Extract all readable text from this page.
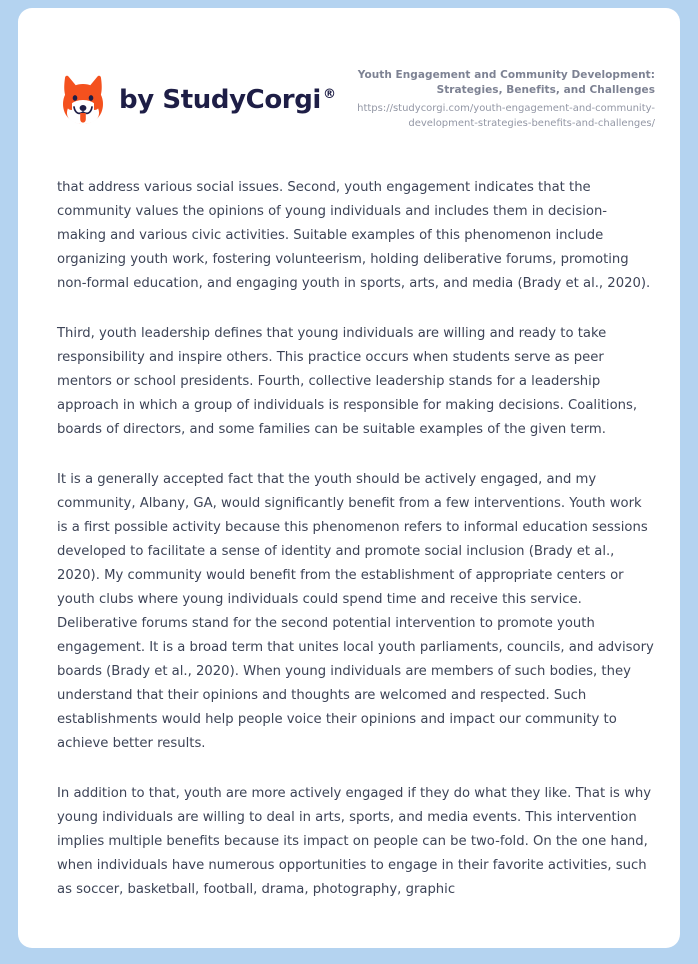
by StudyCorgi ®

Youth Engagement and Community Development: Strategies, Benefits, and Challenges

https://studycorgi.com/youth-engagement-and-community-development-strategies-benefits-and-challenges/

that address various social issues. Second, youth engagement indicates that the community values the opinions of young individuals and includes them in decision-making and various civic activities. Suitable examples of this phenomenon include organizing youth work, fostering volunteerism, holding deliberative forums, promoting non-formal education, and engaging youth in sports, arts, and media (Brady et al., 2020).

Third, youth leadership defines that young individuals are willing and ready to take responsibility and inspire others. This practice occurs when students serve as peer mentors or school presidents. Fourth, collective leadership stands for a leadership approach in which a group of individuals is responsible for making decisions. Coalitions, boards of directors, and some families can be suitable examples of the given term.

It is a generally accepted fact that the youth should be actively engaged, and my community, Albany, GA, would significantly benefit from a few interventions. Youth work is a first possible activity because this phenomenon refers to informal education sessions developed to facilitate a sense of identity and promote social inclusion (Brady et al., 2020). My community would benefit from the establishment of appropriate centers or youth clubs where young individuals could spend time and receive this service. Deliberative forums stand for the second potential intervention to promote youth engagement. It is a broad term that unites local youth parliaments, councils, and advisory boards (Brady et al., 2020). When young individuals are members of such bodies, they understand that their opinions and thoughts are welcomed and respected. Such establishments would help people voice their opinions and impact our community to achieve better results.

In addition to that, youth are more actively engaged if they do what they like. That is why young individuals are willing to deal in arts, sports, and media events. This intervention implies multiple benefits because its impact on people can be two-fold. On the one hand, when individuals have numerous opportunities to engage in their favorite activities, such as soccer, basketball, football, drama, photography, graphic
